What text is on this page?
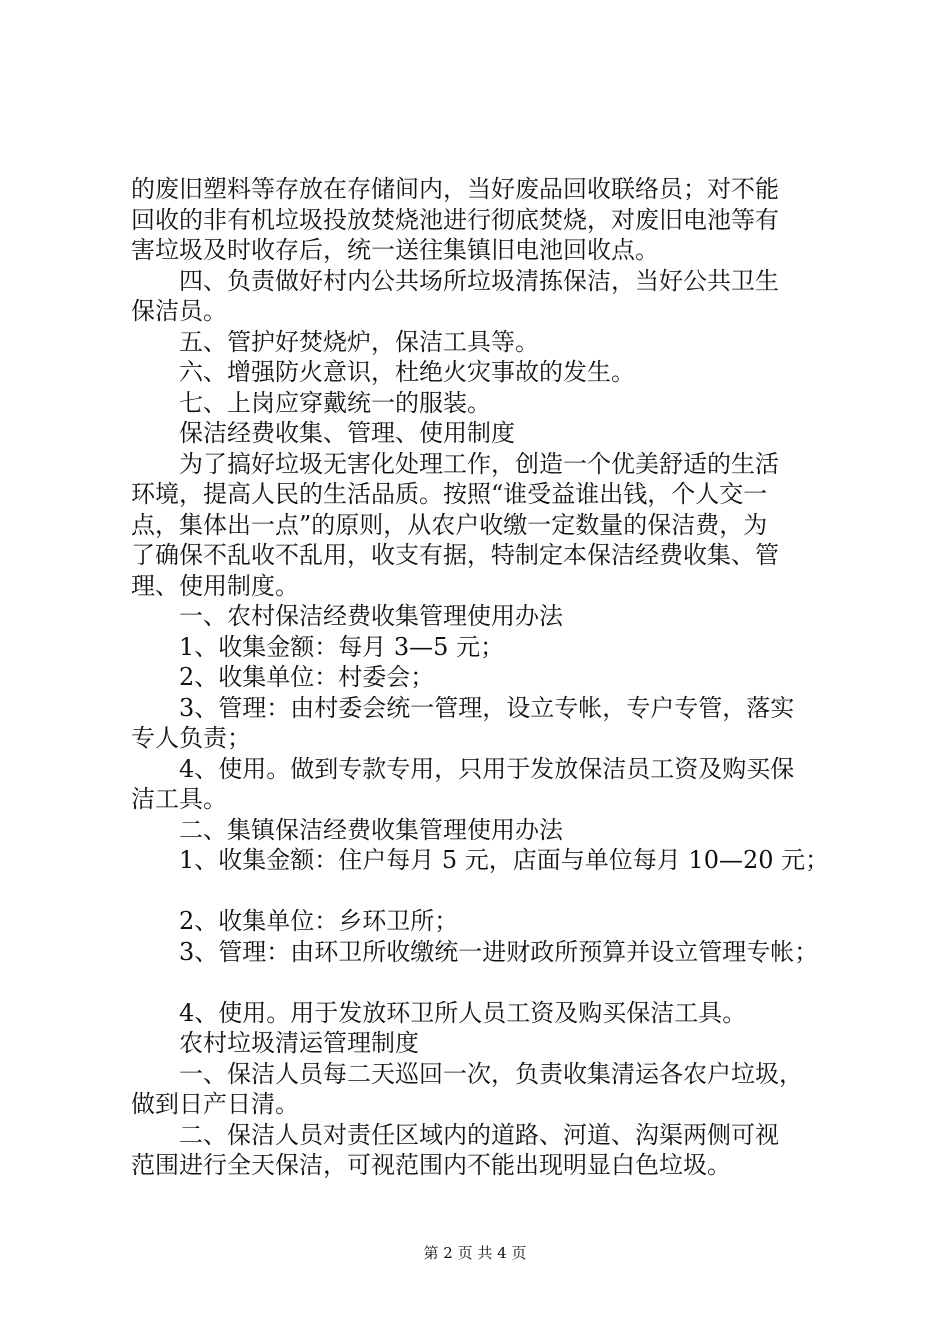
的废旧塑料等存放在存储间内，当好废品回收联络员；对不能
回收的非有机垃圾投放焚烧池进行彻底焚烧，对废旧电池等有
害垃圾及时收存后，统一送往集镇旧电池回收点。
四、负责做好村内公共场所垃圾清拣保洁，当好公共卫生
保洁员。
五、管护好焚烧炉，保洁工具等。
六、增强防火意识，杜绝火灾事故的发生。
七、上岗应穿戴统一的服装。
保洁经费收集、管理、使用制度
为了搞好垃圾无害化处理工作，创造一个优美舒适的生活
环境，提高人民的生活品质。按照“谁受益谁出钱，个人交一
点，集体出一点”的原则，从农户收缴一定数量的保洁费，为
了确保不乱收不乱用，收支有据，特制定本保洁经费收集、管
理、使用制度。
一、农村保洁经费收集管理使用办法
1、收集金额：每月 3—5 元；
2、收集单位：村委会；
3、管理：由村委会统一管理，设立专帐，专户专管，落实
专人负责；
4、使用。做到专款专用，只用于发放保洁员工资及购买保
洁工具。
二、集镇保洁经费收集管理使用办法
1、收集金额：住户每月 5 元，店面与单位每月 10—20 元；
2、收集单位：乡环卫所；
3、管理：由环卫所收缴统一进财政所预算并设立管理专帐；
4、使用。用于发放环卫所人员工资及购买保洁工具。
农村垃圾清运管理制度
一、保洁人员每二天巡回一次，负责收集清运各农户垃圾，
做到日产日清。
二、保洁人员对责任区域内的道路、河道、沟渠两侧可视
范围进行全天保洁，可视范围内不能出现明显白色垃圾。
第 2 页 共 4 页
